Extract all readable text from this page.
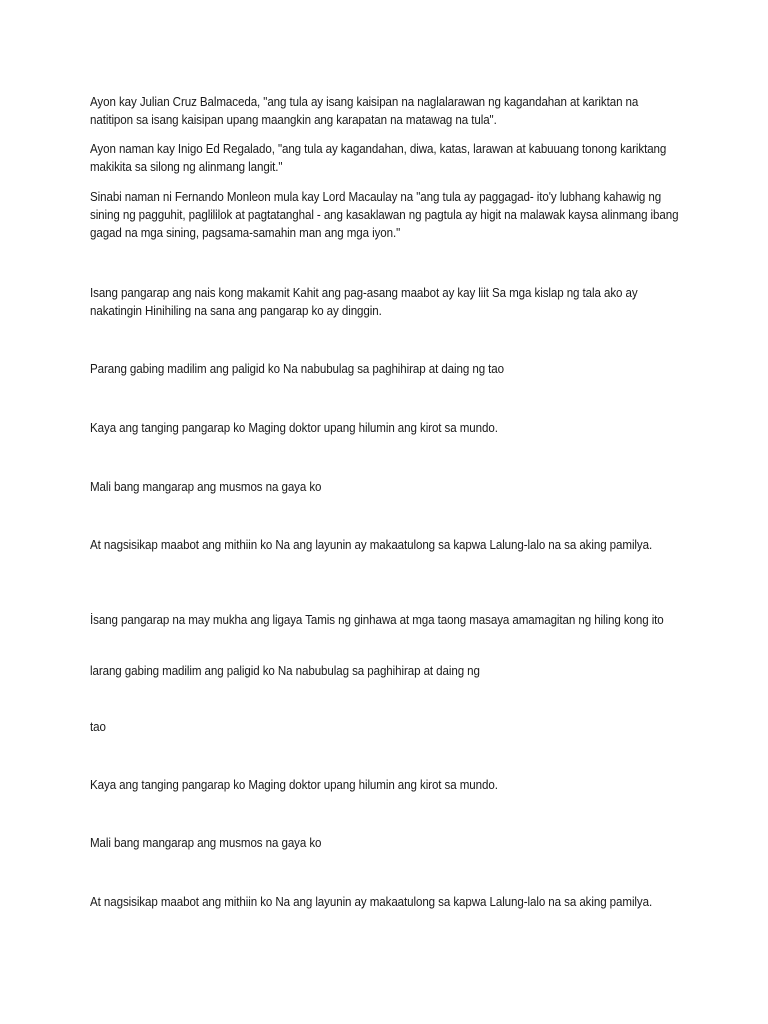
Ayon kay Julian Cruz Balmaceda, "ang tula ay isang kaisipan na naglalarawan ng kagandahan at kariktan na natitipon sa isang kaisipan upang maangkin ang karapatan na matawag na tula".

Ayon naman kay Inigo Ed Regalado, "ang tula ay kagandahan, diwa, katas, larawan at kabuuang tonong kariktang makikita sa silong ng alinmang langit."

Sinabi naman ni Fernando Monleon mula kay Lord Macaulay na "ang tula ay paggagad- ito'y lubhang kahawig ng sining ng pagguhit, paglililok at pagtatanghal - ang kasaklawan ng pagtula ay higit na malawak kaysa alinmang ibang gagad na mga sining, pagsama-samahin man ang mga iyon."

Isang pangarap ang nais kong makamit Kahit ang pag-asang maabot ay kay liit Sa mga kislap ng tala ako ay nakatingin Hinihiling na sana ang pangarap ko ay dinggin.

Parang gabing madilim ang paligid ko Na nabubulag sa paghihirap at daing ng tao

Kaya ang tanging pangarap ko Maging doktor upang hilumin ang kirot sa mundo.

Mali bang mangarap ang musmos na gaya ko

At nagsisikap maabot ang mithiin ko Na ang layunin ay makaatulong sa kapwa Lalung-lalo na sa aking pamilya.

İsang pangarap na may mukha ang ligaya Tamis ng ginhawa at mga taong masaya amamagitan ng hiling kong ito

larang gabing madilim ang paligid ko Na nabubulag sa paghihirap at daing ng

tao

Kaya ang tanging pangarap ko Maging doktor upang hilumin ang kirot sa mundo.

Mali bang mangarap ang musmos na gaya ko

At nagsisikap maabot ang mithiin ko Na ang layunin ay makaatulong sa kapwa Lalung-lalo na sa aking pamilya.
